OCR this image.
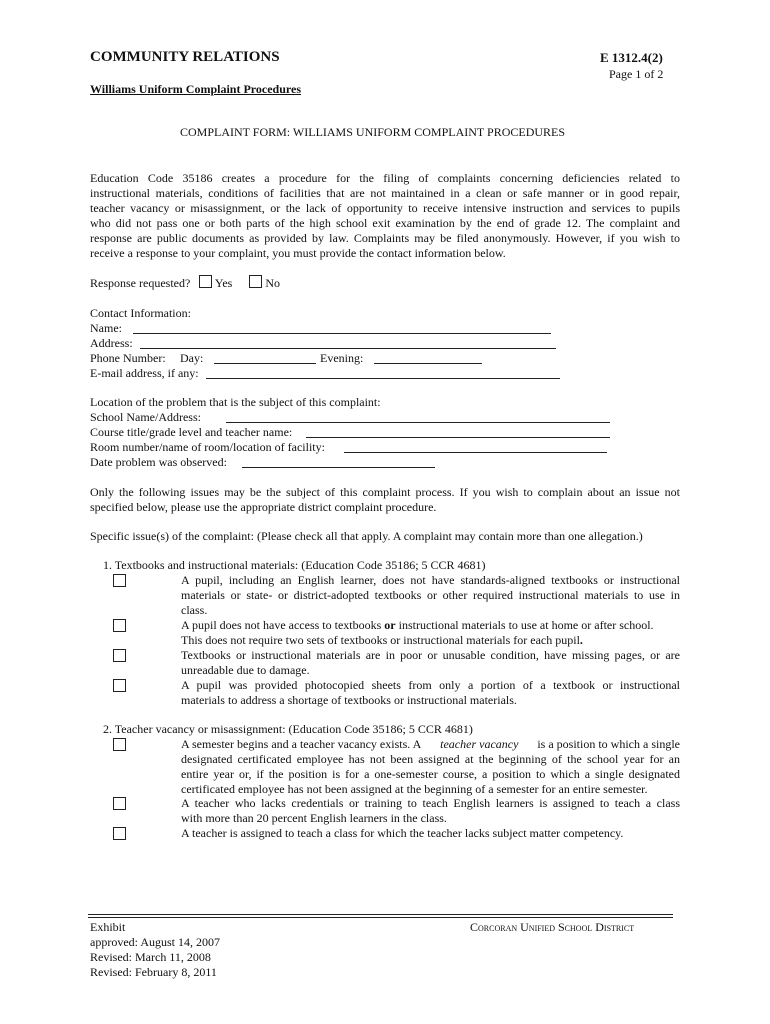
COMMUNITY RELATIONS	E 1312.4(2)
Page 1 of 2
Williams Uniform Complaint Procedures
COMPLAINT FORM: WILLIAMS UNIFORM COMPLAINT PROCEDURES
Education Code 35186 creates a procedure for the filing of complaints concerning deficiencies related to
instructional materials, conditions of facilities that are not maintained in a clean or safe manner or in good repair,
teacher vacancy or misassignment, or the lack of opportunity to receive intensive instruction and services to pupils
who did not pass one or both parts of the high school exit examination by the end of grade 12. The complaint and
response are public documents as provided by law. Complaints may be filed anonymously. However, if you wish to
receive a response to your complaint, you must provide the contact information below.
Response requested? Yes	No
Contact Information:
Name:
Address:
Phone Number: Day:	Evening:
E-mail address, if any:
Location of the problem that is the subject of this complaint:
School Name/Address:
Course title/grade level and teacher name:
Room number/name of room/location of facility:
Date problem was observed:
Only the following issues may be the subject of this complaint process. If you wish to complain about an issue not
specified below, please use the appropriate district complaint procedure.
Specific issue(s) of the complaint: (Please check all that apply. A complaint may contain more than one allegation.)
1. Textbooks and instructional materials: (Education Code 35186; 5 CCR 4681)
A pupil, including an English learner, does not have standards-aligned textbooks or instructional
materials or state- or district-adopted textbooks or other required instructional materials to use in
class.
A pupil does not have access to textbooks or instructional materials to use at home or after school.
This does not require two sets of textbooks or instructional materials for each pupil.
Textbooks or instructional materials are in poor or unusable condition, have missing pages, or are
unreadable due to damage.
A pupil was provided photocopied sheets from only a portion of a textbook or instructional
materials to address a shortage of textbooks or instructional materials.
2. Teacher vacancy or misassignment: (Education Code 35186; 5 CCR 4681)
A semester begins and a teacher vacancy exists. A teacher vacancy is a position to which a single
designated certificated employee has not been assigned at the beginning of the school year for an
entire year or, if the position is for a one-semester course, a position to which a single designated
certificated employee has not been assigned at the beginning of a semester for an entire semester.
A teacher who lacks credentials or training to teach English learners is assigned to teach a class
with more than 20 percent English learners in the class.
A teacher is assigned to teach a class for which the teacher lacks subject matter competency.
Exhibit	Corcoran Unified School District
approved: August 14, 2007
Revised: March 11, 2008
Revised: February 8, 2011
